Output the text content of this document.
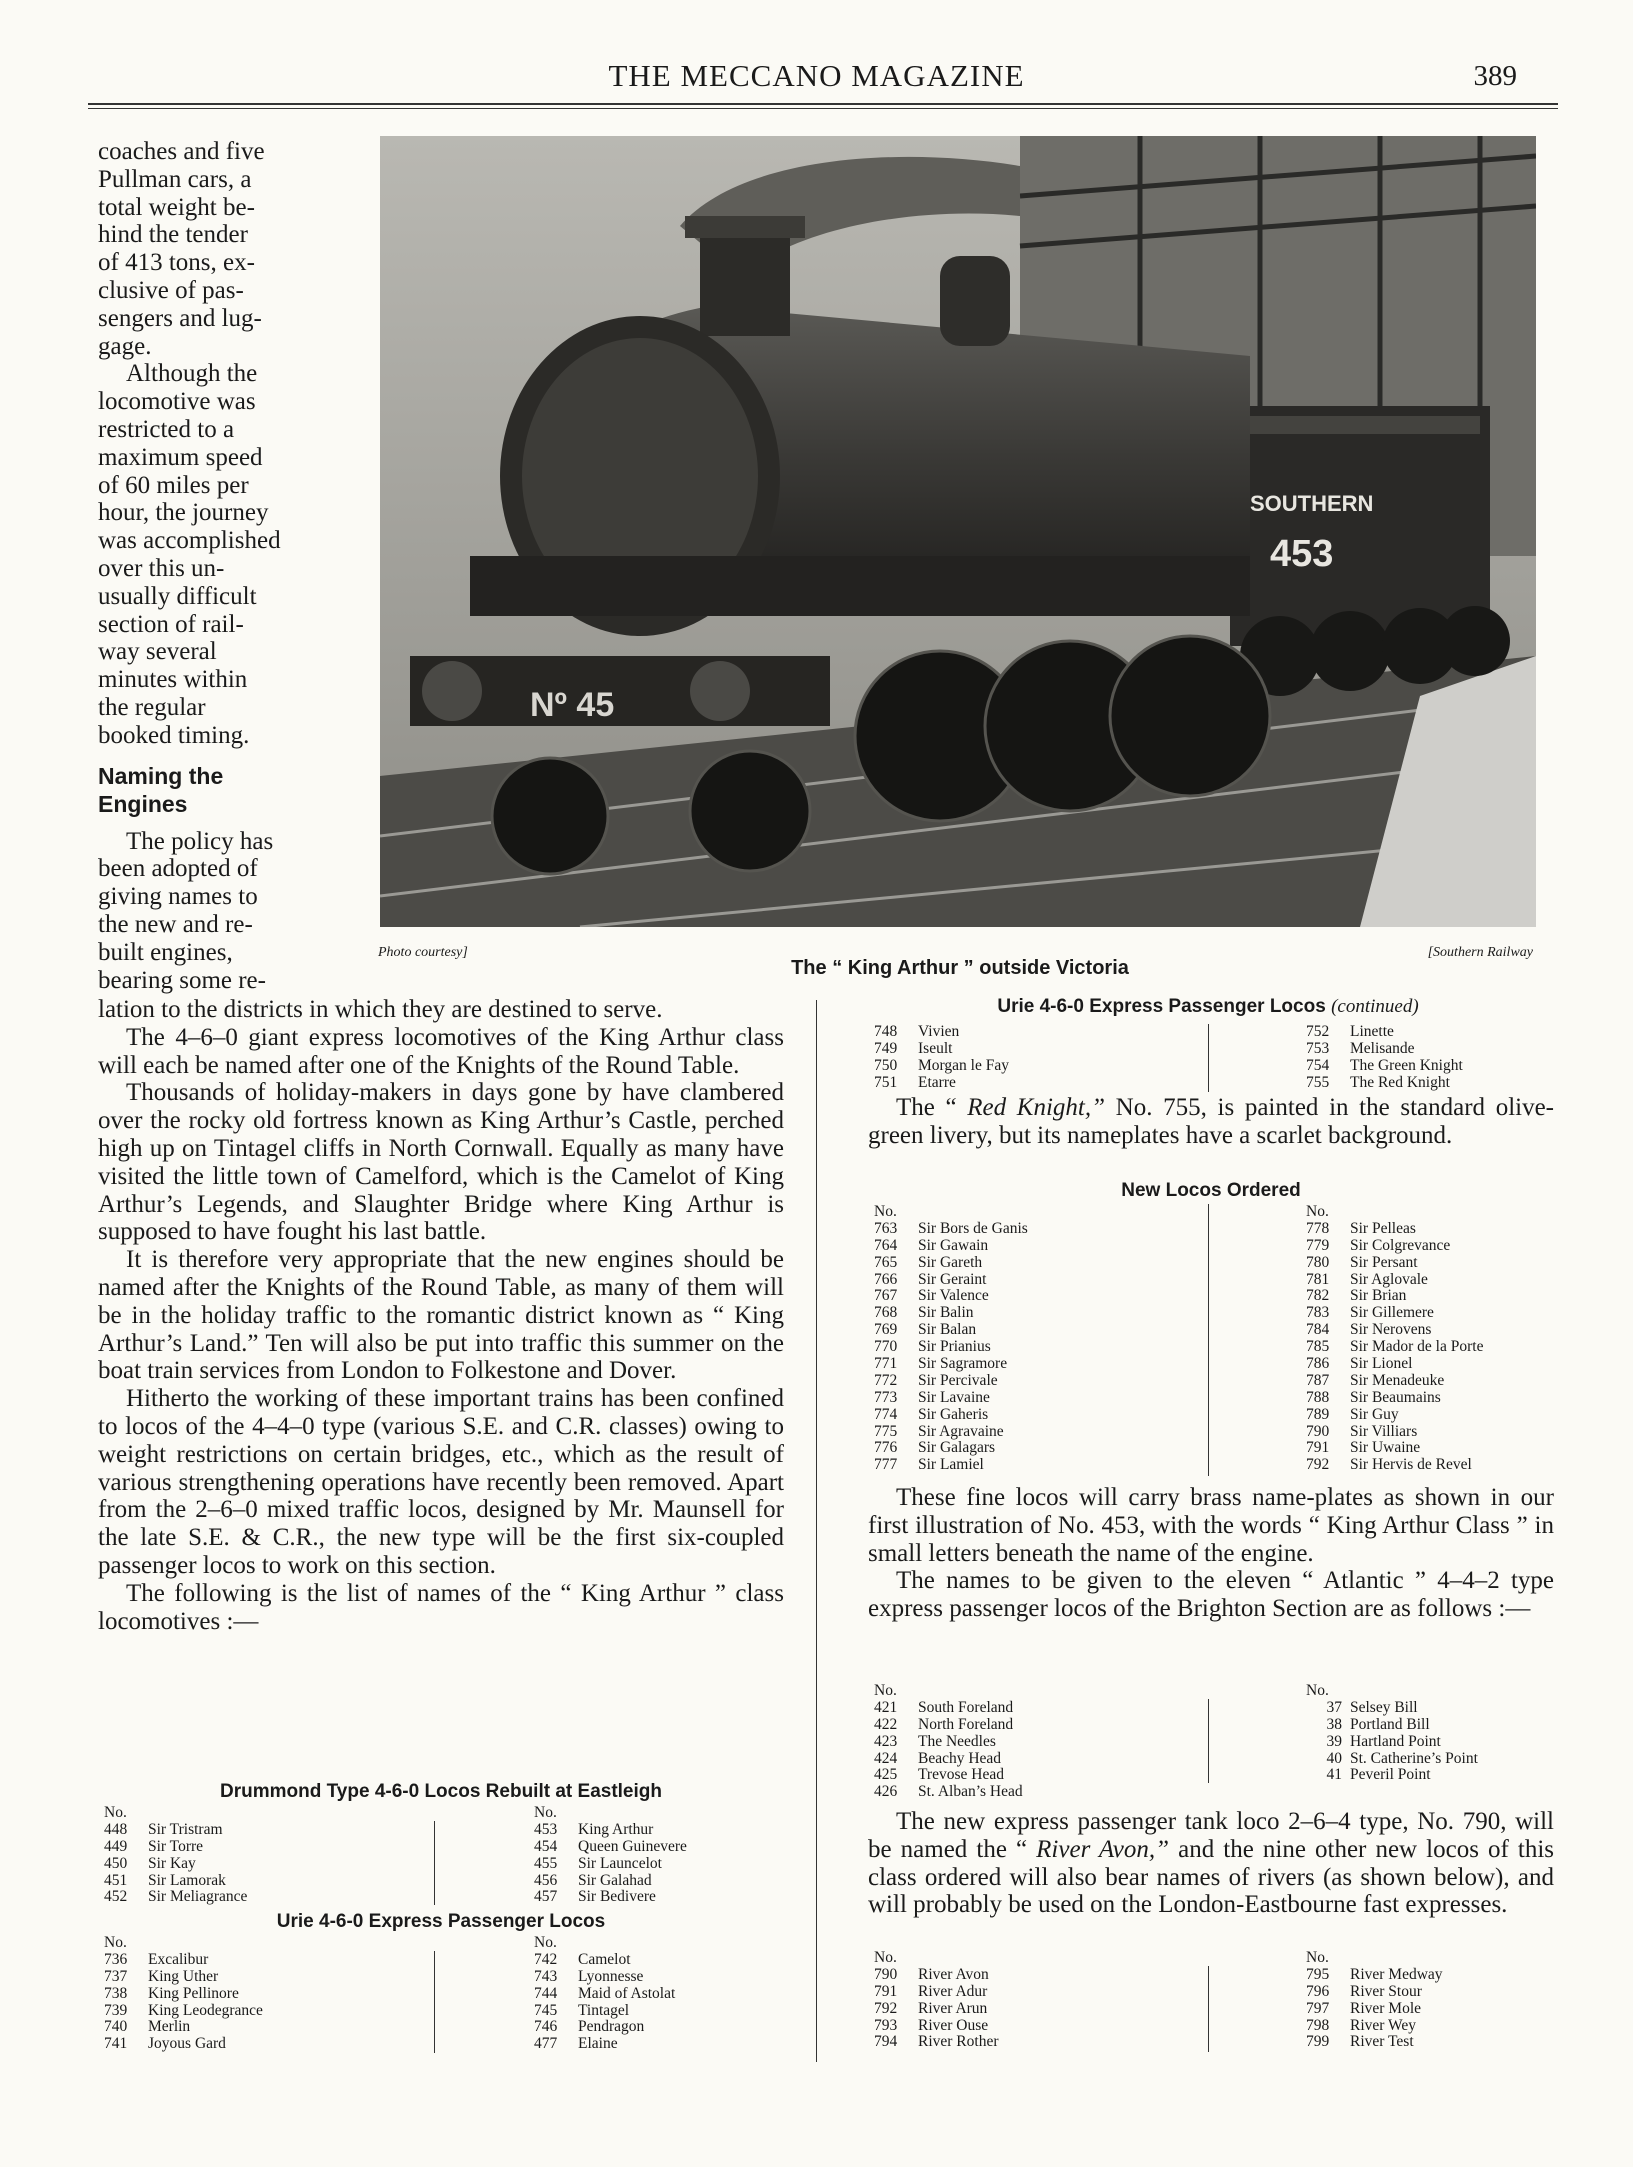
THE MECCANO MAGAZINE	389
SOUTHERN
453
Nº 45
Photo courtesy]	[Southern Railway
The “ King Arthur ” outside Victoria
coaches and five
Pullman cars, a
total weight be-
hind the tender
of 413 tons, ex-
clusive of pas-
sengers and lug-
gage.
Although the
locomotive was
restricted to a
maximum speed
of 60 miles per
hour, the journey
was accomplished
over this un-
usually difficult
section of rail-
way several
minutes within
the regular
booked timing.
Naming the
Engines
The policy has
been adopted of
giving names to
the new and re-
built engines,
bearing some re-

lation to the districts in which they are destined to serve.

The 4–6–0 giant express locomotives of the King Arthur class will each be named after one of the Knights of the Round Table.

Thousands of holiday-makers in days gone by have clambered over the rocky old fortress known as King Arthur’s Castle, perched high up on Tintagel cliffs in North Cornwall. Equally as many have visited the little town of Camelford, which is the Camelot of King Arthur’s Legends, and Slaughter Bridge where King Arthur is supposed to have fought his last battle.

It is therefore very appropriate that the new engines should be named after the Knights of the Round Table, as many of them will be in the holiday traffic to the romantic district known as “ King Arthur’s Land.” Ten will also be put into traffic this summer on the boat train services from London to Folkestone and Dover.

Hitherto the working of these important trains has been confined to locos of the 4–4–0 type (various S.E. and C.R. classes) owing to weight restrictions on certain bridges, etc., which as the result of various strengthening operations have recently been removed. Apart from the 2–6–0 mixed traffic locos, designed by Mr. Maunsell for the late S.E. & C.R., the new type will be the first six-coupled passenger locos to work on this section.

The following is the list of names of the “ King Arthur ” class locomotives :—

Drummond Type 4-6-0 Locos Rebuilt at Eastleigh
No.
448 Sir Tristram
449 Sir Torre
450 Sir Kay
451 Sir Lamorak
452 Sir Meliagrance
No.
453 King Arthur
454 Queen Guinevere
455 Sir Launcelot
456 Sir Galahad
457 Sir Bedivere
Urie 4-6-0 Express Passenger Locos
No.
736 Excalibur
737 King Uther
738 King Pellinore
739 King Leodegrance
740 Merlin
741 Joyous Gard
No.
742 Camelot
743 Lyonnesse
744 Maid of Astolat
745 Tintagel
746 Pendragon
477 Elaine
Urie 4-6-0 Express Passenger Locos (continued)
748 Vivien
749 Iseult
750 Morgan le Fay
751 Etarre
752 Linette
753 Melisande
754 The Green Knight
755 The Red Knight

The “ Red Knight,” No. 755, is painted in the standard olive-green livery, but its nameplates have a scarlet background.

New Locos Ordered
No.
763 Sir Bors de Ganis
764 Sir Gawain
765 Sir Gareth
766 Sir Geraint
767 Sir Valence
768 Sir Balin
769 Sir Balan
770 Sir Prianius
771 Sir Sagramore
772 Sir Percivale
773 Sir Lavaine
774 Sir Gaheris
775 Sir Agravaine
776 Sir Galagars
777 Sir Lamiel
No.
778 Sir Pelleas
779 Sir Colgrevance
780 Sir Persant
781 Sir Aglovale
782 Sir Brian
783 Sir Gillemere
784 Sir Nerovens
785 Sir Mador de la Porte
786 Sir Lionel
787 Sir Menadeuke
788 Sir Beaumains
789 Sir Guy
790 Sir Villiars
791 Sir Uwaine
792 Sir Hervis de Revel

These fine locos will carry brass name-plates as shown in our first illustration of No. 453, with the words “ King Arthur Class ” in small letters beneath the name of the engine.

The names to be given to the eleven “ Atlantic ” 4–4–2 type express passenger locos of the Brighton Section are as follows :—

No.
421 South Foreland
422 North Foreland
423 The Needles
424 Beachy Head
425 Trevose Head
426 St. Alban’s Head
No.
37 Selsey Bill
38 Portland Bill
39 Hartland Point
40 St. Catherine’s Point
41 Peveril Point

The new express passenger tank loco 2–6–4 type, No. 790, will be named the “ River Avon,” and the nine other new locos of this class ordered will also bear names of rivers (as shown below), and will probably be used on the London-Eastbourne fast expresses.

No.
790 River Avon
791 River Adur
792 River Arun
793 River Ouse
794 River Rother
No.
795 River Medway
796 River Stour
797 River Mole
798 River Wey
799 River Test
